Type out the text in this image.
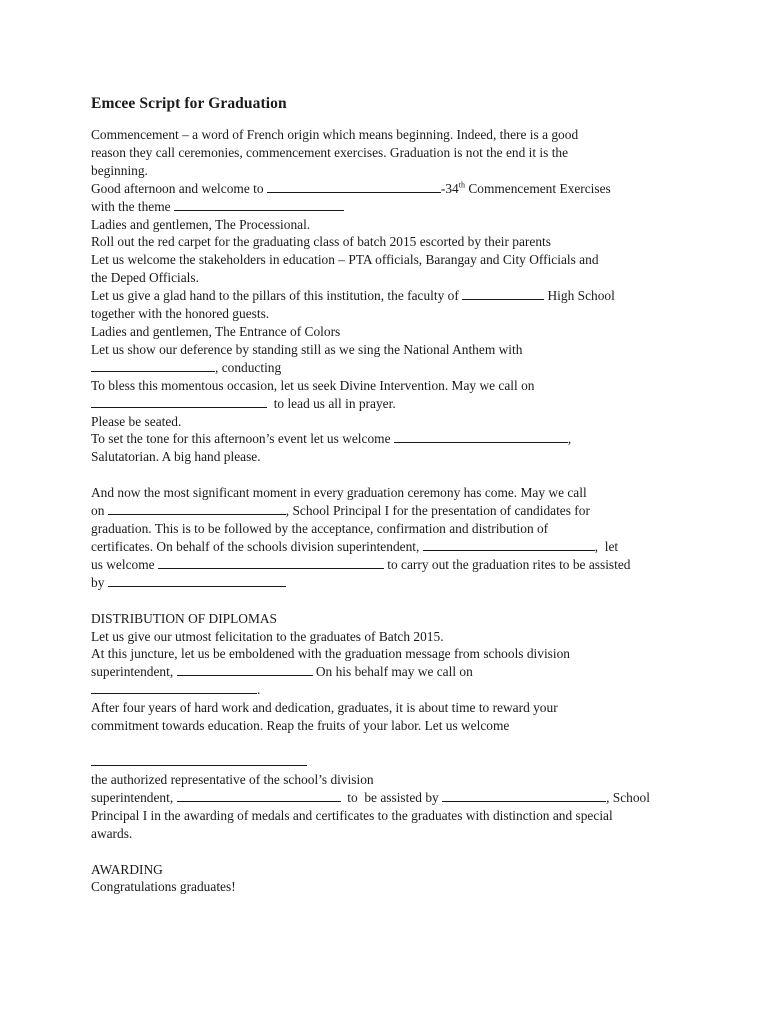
Emcee Script for Graduation
Commencement – a word of French origin which means beginning. Indeed, there is a good
reason they call ceremonies, commencement exercises. Graduation is not the end it is the
beginning.
Good afternoon and welcome to	-34th Commencement Exercises
with the theme
Ladies and gentlemen, The Processional.
Roll out the red carpet for the graduating class of batch 2015 escorted by their parents
Let us welcome the stakeholders in education – PTA officials, Barangay and City Officials and
the Deped Officials.
Let us give a glad hand to the pillars of this institution, the faculty of	High School
together with the honored guests.
Ladies and gentlemen, The Entrance of Colors
Let us show our deference by standing still as we sing the National Anthem with
, conducting
To bless this momentous occasion, let us seek Divine Intervention. May we call on
to lead us all in prayer.
Please be seated.
To set the tone for this afternoon’s event let us welcome	,
Salutatorian. A big hand please.
And now the most significant moment in every graduation ceremony has come. May we call
on	, School Principal I for the presentation of candidates for
graduation. This is to be followed by the acceptance, confirmation and distribution of
certificates. On behalf of the schools division superintendent,	,  let
us welcome	to carry out the graduation rites to be assisted
by
DISTRIBUTION OF DIPLOMAS
Let us give our utmost felicitation to the graduates of Batch 2015.
At this juncture, let us be emboldened with the graduation message from schools division
superintendent,	On his behalf may we call on
.
After four years of hard work and dedication, graduates, it is about time to reward your
commitment towards education. Reap the fruits of your labor. Let us welcome
the authorized representative of the school’s division
superintendent,	to  be assisted by	, School
Principal I in the awarding of medals and certificates to the graduates with distinction and special
awards.
AWARDING
Congratulations graduates!
